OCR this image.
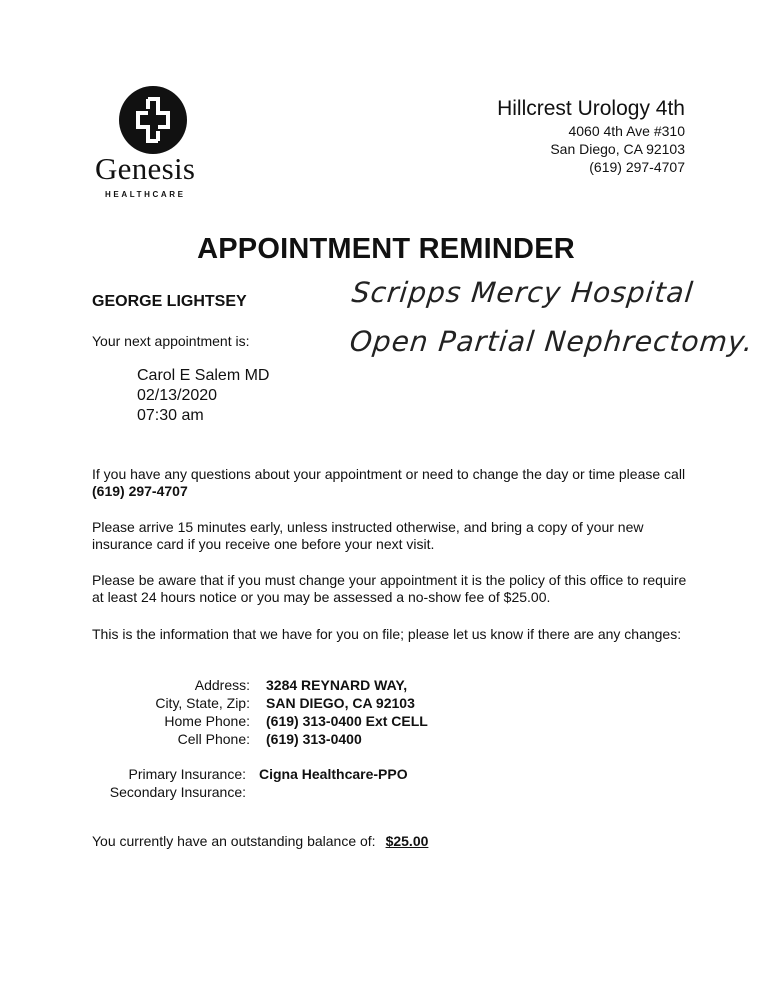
Genesis
HEALTHCARE
Hillcrest Urology 4th
4060 4th Ave #310
San Diego, CA 92103
(619) 297-4707
APPOINTMENT REMINDER
GEORGE LIGHTSEY
Your next appointment is:
Scripps Mercy Hospital
Open Partial Nephrectomy.
Carol E Salem MD
02/13/2020
07:30 am
If you have any questions about your appointment or need to change the day or time please call (619) 297-4707
Please arrive 15 minutes early, unless instructed otherwise, and bring a copy of your new insurance card if you receive one before your next visit.
Please be aware that if you must change your appointment it is the policy of this office to require at least 24 hours notice or you may be assessed a no-show fee of $25.00.
This is the information that we have for you on file; please let us know if there are any changes:
Address: 3284 REYNARD WAY,
City, State, Zip: SAN DIEGO, CA 92103
Home Phone: (619) 313-0400 Ext CELL
Cell Phone: (619) 313-0400
Primary Insurance: Cigna Healthcare-PPO
Secondary Insurance:
You currently have an outstanding balance of: $25.00
